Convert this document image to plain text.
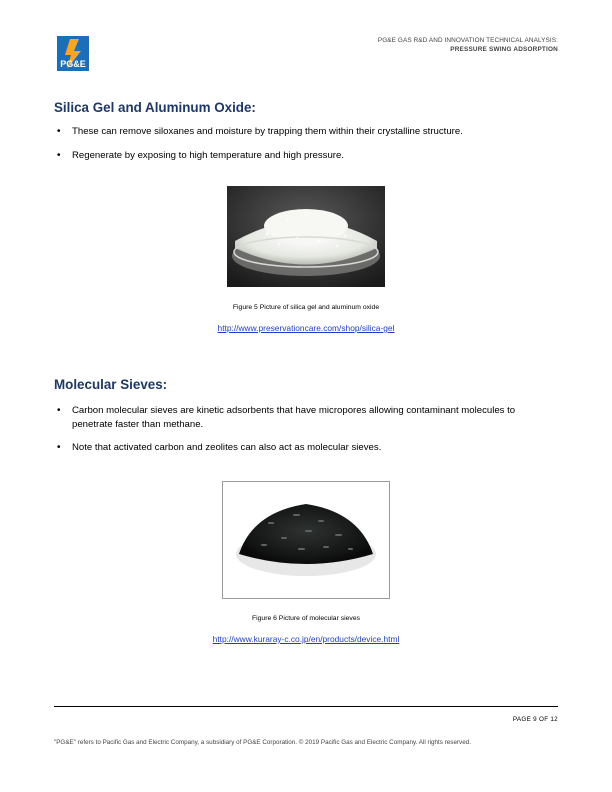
PG&E
PG&E GAS R&D AND INNOVATION TECHNICAL ANALYSIS:
PRESSURE SWING ADSORPTION
Silica Gel and Aluminum Oxide:
• These can remove siloxanes and moisture by trapping them within their crystalline structure.
• Regenerate by exposing to high temperature and high pressure.
Figure 5 Picture of silica gel and aluminum oxide
http://www.preservationcare.com/shop/silica-gel
Molecular Sieves:
• Carbon molecular sieves are kinetic adsorbents that have micropores allowing contaminant molecules to penetrate faster than methane.
• Note that activated carbon and zeolites can also act as molecular sieves.
Figure 6 Picture of molecular sieves
http://www.kuraray-c.co.jp/en/products/device.html
PAGE 9 OF 12
"PG&E" refers to Pacific Gas and Electric Company, a subsidiary of PG&E Corporation. © 2019 Pacific Gas and Electric Company. All rights reserved.
